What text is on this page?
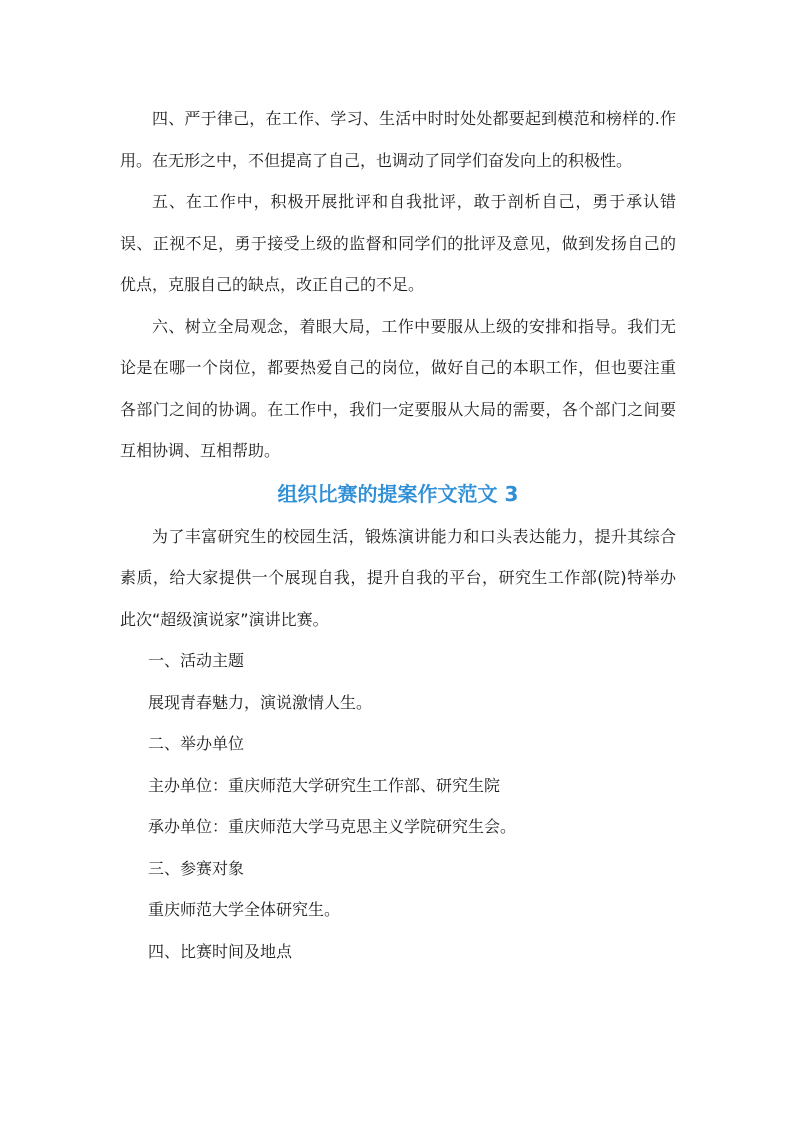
四、严于律己，在工作、学习、生活中时时处处都要起到模范和榜样的.作用。在无形之中，不但提高了自己，也调动了同学们奋发向上的积极性。

五、在工作中，积极开展批评和自我批评，敢于剖析自己，勇于承认错误、正视不足，勇于接受上级的监督和同学们的批评及意见，做到发扬自己的优点，克服自己的缺点，改正自己的不足。

六、树立全局观念，着眼大局，工作中要服从上级的安排和指导。我们无论是在哪一个岗位，都要热爱自己的岗位，做好自己的本职工作，但也要注重各部门之间的协调。在工作中，我们一定要服从大局的需要，各个部门之间要互相协调、互相帮助。

组织比赛的提案作文范文 3

为了丰富研究生的校园生活，锻炼演讲能力和口头表达能力，提升其综合素质，给大家提供一个展现自我，提升自我的平台，研究生工作部(院)特举办此次“超级演说家”演讲比赛。

一、活动主题

展现青春魅力，演说激情人生。

二、举办单位

主办单位：重庆师范大学研究生工作部、研究生院

承办单位：重庆师范大学马克思主义学院研究生会。

三、参赛对象

重庆师范大学全体研究生。

四、比赛时间及地点
